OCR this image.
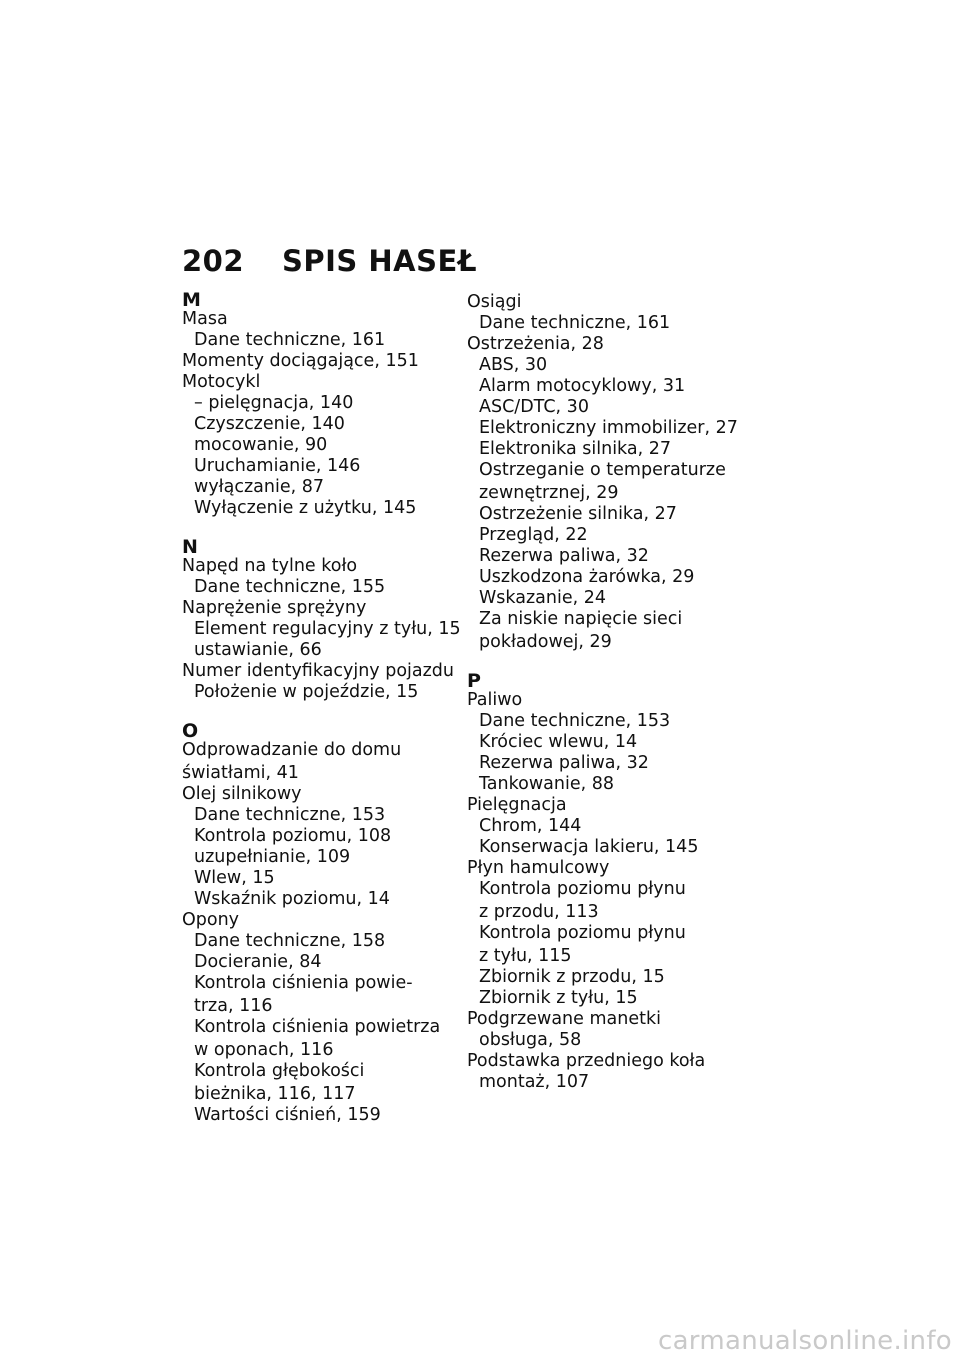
202 SPIS HASEŁ
M
Masa
Dane techniczne, 161
Momenty dociągające, 151
Motocykl
– pielęgnacja, 140
Czyszczenie, 140
mocowanie, 90
Uruchamianie, 146
wyłączanie, 87
Wyłączenie z użytku, 145
N
Napęd na tylne koło
Dane techniczne, 155
Naprężenie sprężyny
Element regulacyjny z tyłu, 15
ustawianie, 66
Numer identyfikacyjny pojazdu
Położenie w pojeździe, 15
O
Odprowadzanie do domu
światłami, 41
Olej silnikowy
Dane techniczne, 153
Kontrola poziomu, 108
uzupełnianie, 109
Wlew, 15
Wskaźnik poziomu, 14
Opony
Dane techniczne, 158
Docieranie, 84
Kontrola ciśnienia powie-
trza, 116
Kontrola ciśnienia powietrza
w oponach, 116
Kontrola głębokości
bieżnika, 116, 117
Wartości ciśnień, 159
Osiągi
Dane techniczne, 161
Ostrzeżenia, 28
ABS, 30
Alarm motocyklowy, 31
ASC/DTC, 30
Elektroniczny immobilizer, 27
Elektronika silnika, 27
Ostrzeganie o temperaturze
zewnętrznej, 29
Ostrzeżenie silnika, 27
Przegląd, 22
Rezerwa paliwa, 32
Uszkodzona żarówka, 29
Wskazanie, 24
Za niskie napięcie sieci
pokładowej, 29
P
Paliwo
Dane techniczne, 153
Króciec wlewu, 14
Rezerwa paliwa, 32
Tankowanie, 88
Pielęgnacja
Chrom, 144
Konserwacja lakieru, 145
Płyn hamulcowy
Kontrola poziomu płynu
z przodu, 113
Kontrola poziomu płynu
z tyłu, 115
Zbiornik z przodu, 15
Zbiornik z tyłu, 15
Podgrzewane manetki
obsługa, 58
Podstawka przedniego koła
montaż, 107
carmanualsonline.info
